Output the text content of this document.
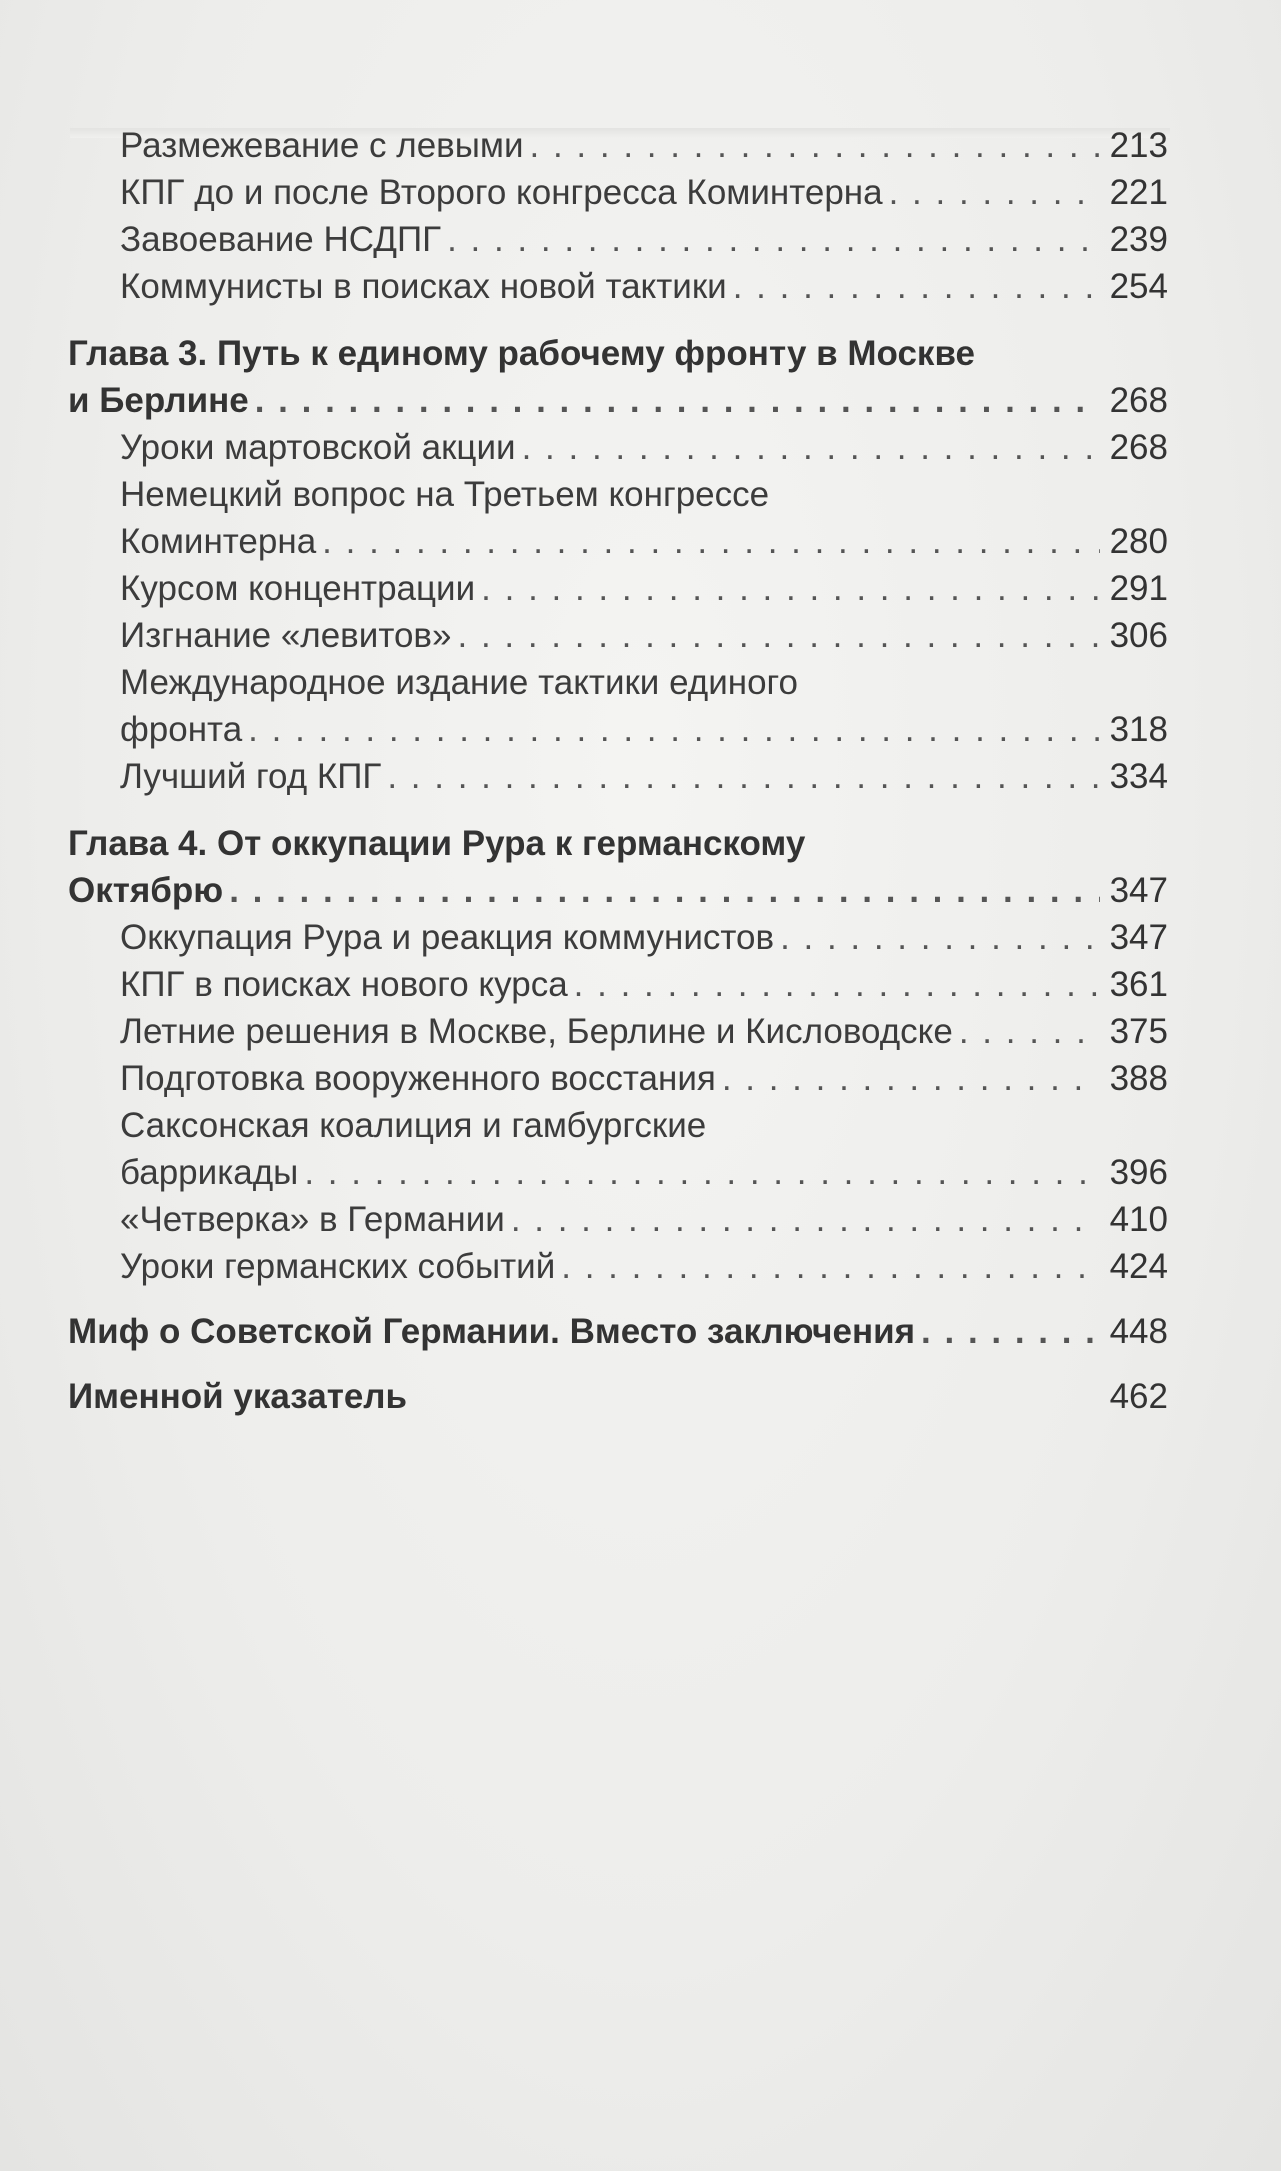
Размежевание с левыми . . .	213
КПГ до и после Второго конгресса Коминтерна . . .	221
Завоевание НСДПГ . . .	239
Коммунисты в поисках новой тактики . . .	254
Глава 3. Путь к единому рабочему фронту в Москве
и Берлине . . .	268
Уроки мартовской акции . . .	268
Немецкий вопрос на Третьем конгрессе
Коминтерна . . .	280
Курсом концентрации . . .	291
Изгнание «левитов» . . .	306
Международное издание тактики единого
фронта . . .	318
Лучший год КПГ . . .	334
Глава 4. От оккупации Рура к германскому
Октябрю . . .	347
Оккупация Рура и реакция коммунистов . . .	347
КПГ в поисках нового курса . . .	361
Летние решения в Москве, Берлине и Кисловодске . . .	375
Подготовка вооруженного восстания . . .	388
Саксонская коалиция и гамбургские
баррикады . . .	396
«Четверка» в Германии . . .	410
Уроки германских событий . . .	424
Миф о Советской Германии. Вместо заключения . . .	448
Именной указатель	462
